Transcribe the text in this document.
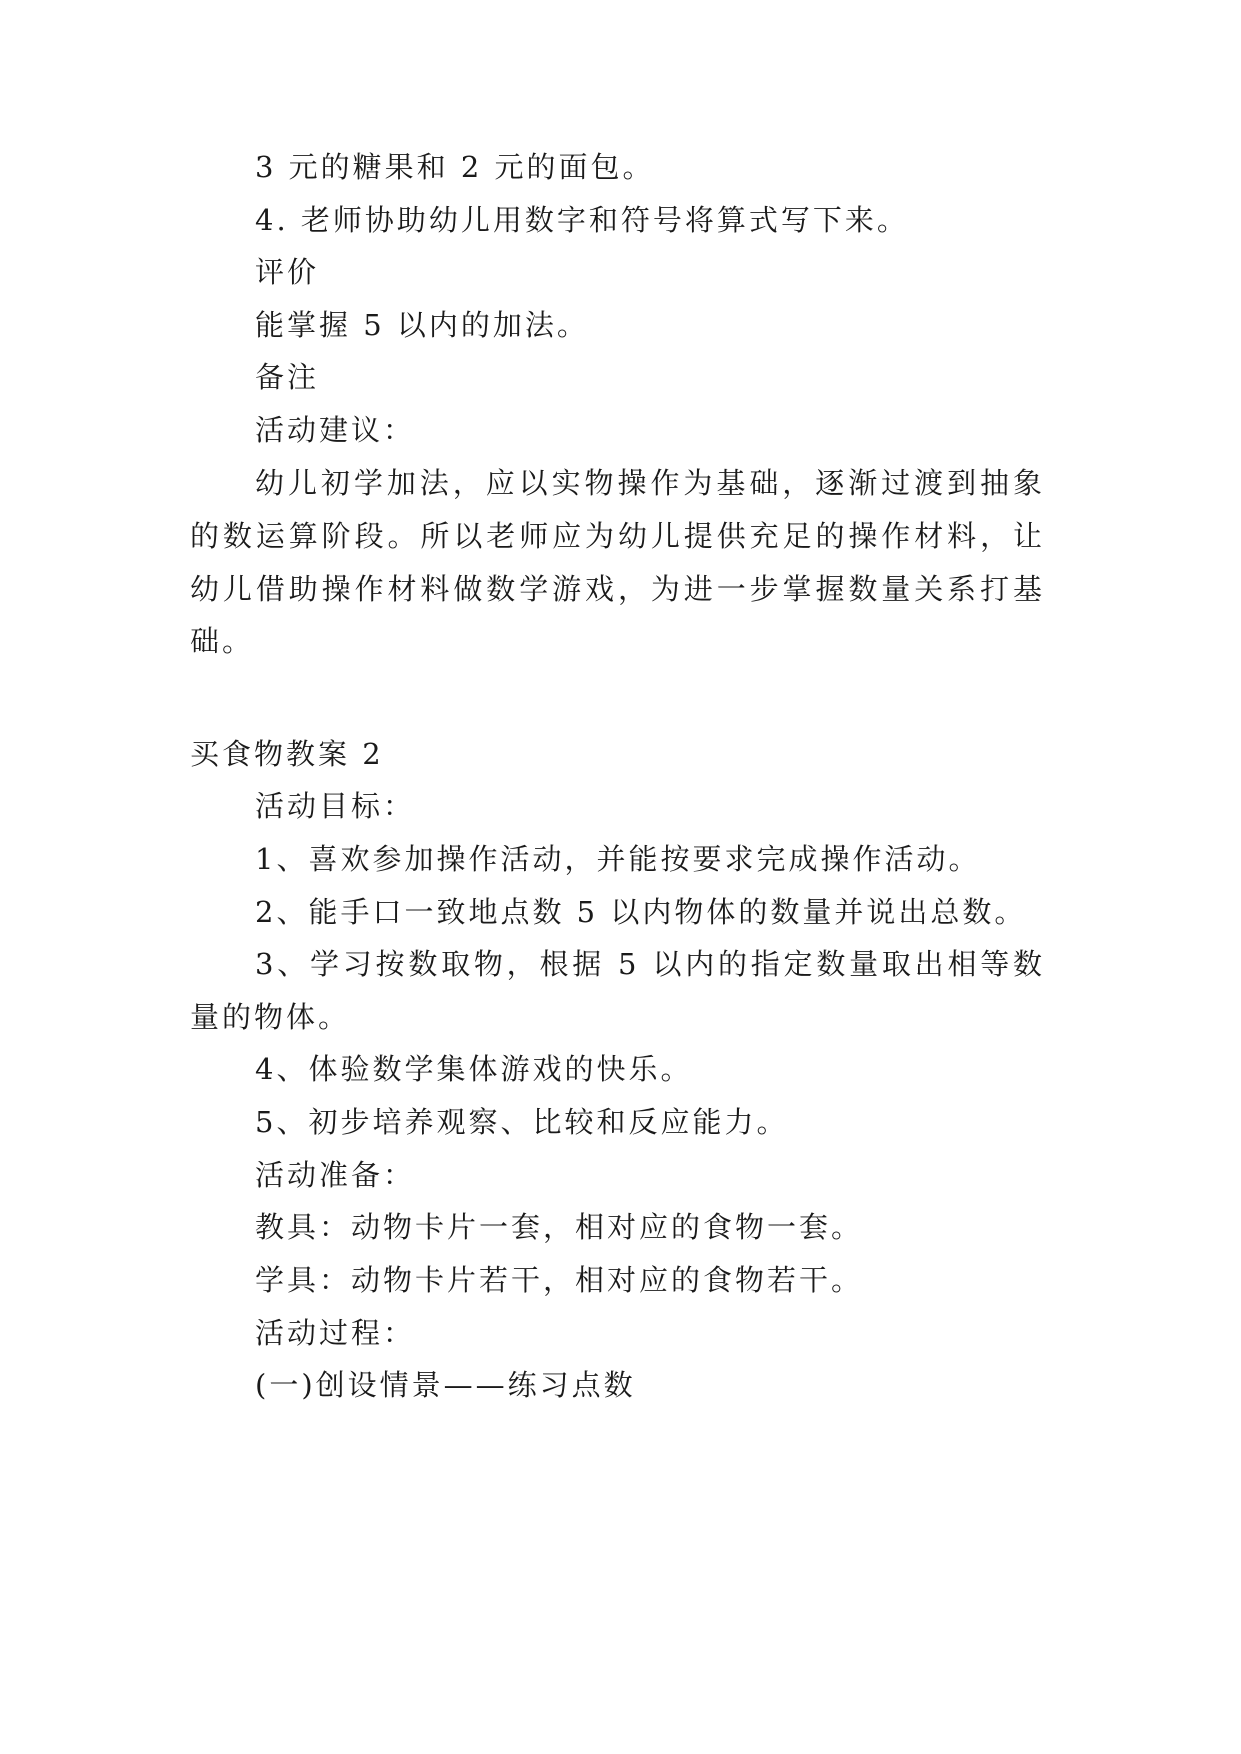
3 元的糖果和 2 元的面包。

4. 老师协助幼儿用数字和符号将算式写下来。

评价

能掌握 5 以内的加法。

备注

活动建议：

幼儿初学加法，应以实物操作为基础，逐渐过渡到抽象

的数运算阶段。所以老师应为幼儿提供充足的操作材料，让

幼儿借助操作材料做数学游戏，为进一步掌握数量关系打基

础。

买食物教案 2

活动目标：

1、喜欢参加操作活动，并能按要求完成操作活动。

2、能手口一致地点数 5 以内物体的数量并说出总数。

3、学习按数取物，根据 5 以内的指定数量取出相等数

量的物体。

4、体验数学集体游戏的快乐。

5、初步培养观察、比较和反应能力。

活动准备：

教具：动物卡片一套，相对应的食物一套。

学具：动物卡片若干，相对应的食物若干。

活动过程：

(一)创设情景——练习点数
